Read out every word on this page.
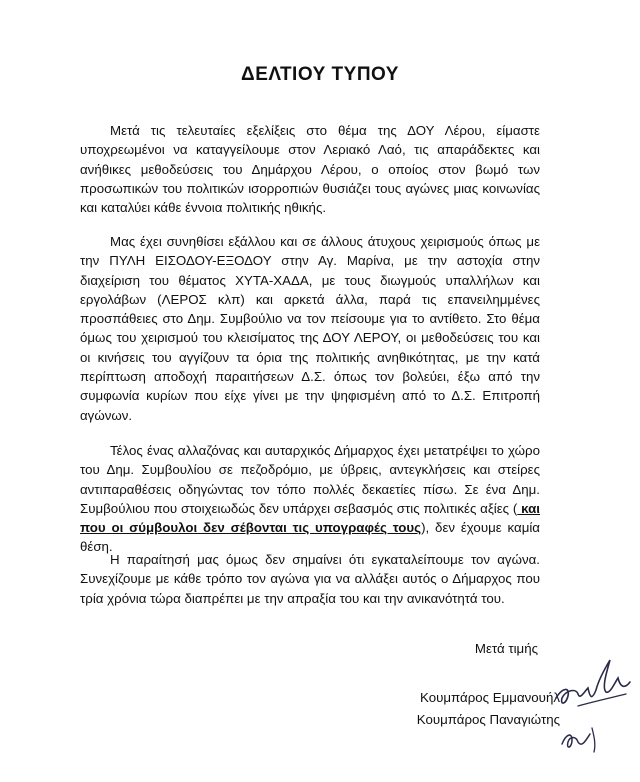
ΔΕΛΤΙΟΥ ΤΥΠΟΥ

Μετά τις τελευταίες εξελίξεις στο θέμα της ΔΟΥ Λέρου, είμαστε υποχρεωμένοι να καταγγείλουμε στον Λεριακό Λαό, τις απαράδεκτες και ανήθικες μεθοδεύσεις του Δημάρχου Λέρου, ο οποίος στον βωμό των προσωπικών του πολιτικών ισορροπιών θυσιάζει τους αγώνες μιας κοινωνίας και καταλύει κάθε έννοια πολιτικής ηθικής.

Μας έχει συνηθίσει εξάλλου και σε άλλους άτυχους χειρισμούς όπως με την ΠΥΛΗ ΕΙΣΟΔΟΥ-ΕΞΟΔΟΥ στην Αγ. Μαρίνα, με την αστοχία στην διαχείριση του θέματος ΧΥΤΑ-ΧΑΔΑ, με τους διωγμούς υπαλλήλων και εργολάβων (ΛΕΡΟΣ κλπ) και αρκετά άλλα, παρά τις επανειλημμένες προσπάθειες στο Δημ. Συμβούλιο να τον πείσουμε για το αντίθετο. Στο θέμα όμως του χειρισμού του κλεισίματος της ΔΟΥ ΛΕΡΟΥ, οι μεθοδεύσεις του και οι κινήσεις του αγγίζουν τα όρια της πολιτικής ανηθικότητας, με την κατά περίπτωση αποδοχή παραιτήσεων Δ.Σ. όπως τον βολεύει, έξω από την συμφωνία κυρίων που είχε γίνει με την ψηφισμένη από το Δ.Σ. Επιτροπή αγώνων.

Τέλος ένας αλλαζόνας και αυταρχικός Δήμαρχος έχει μετατρέψει το χώρο του Δημ. Συμβουλίου σε πεζοδρόμιο, με ύβρεις, αντεγκλήσεις και στείρες αντιπαραθέσεις οδηγώντας τον τόπο πολλές δεκαετίες πίσω. Σε ένα Δημ. Συμβούλιου που στοιχειωδώς δεν υπάρχει σεβασμός στις πολιτικές αξίες ( και που οι σύμβουλοι δεν σέβονται τις υπογραφές τους), δεν έχουμε καμία θέση.

Η παραίτησή μας όμως δεν σημαίνει ότι εγκαταλείπουμε τον αγώνα. Συνεχίζουμε με κάθε τρόπο τον αγώνα για να αλλάξει αυτός ο Δήμαρχος που τρία χρόνια τώρα διαπρέπει με την απραξία του και την ανικανότητά του.

Μετά τιμής
Κουμπάρος Εμμανουήλ
Κουμπάρος Παναγιώτης
